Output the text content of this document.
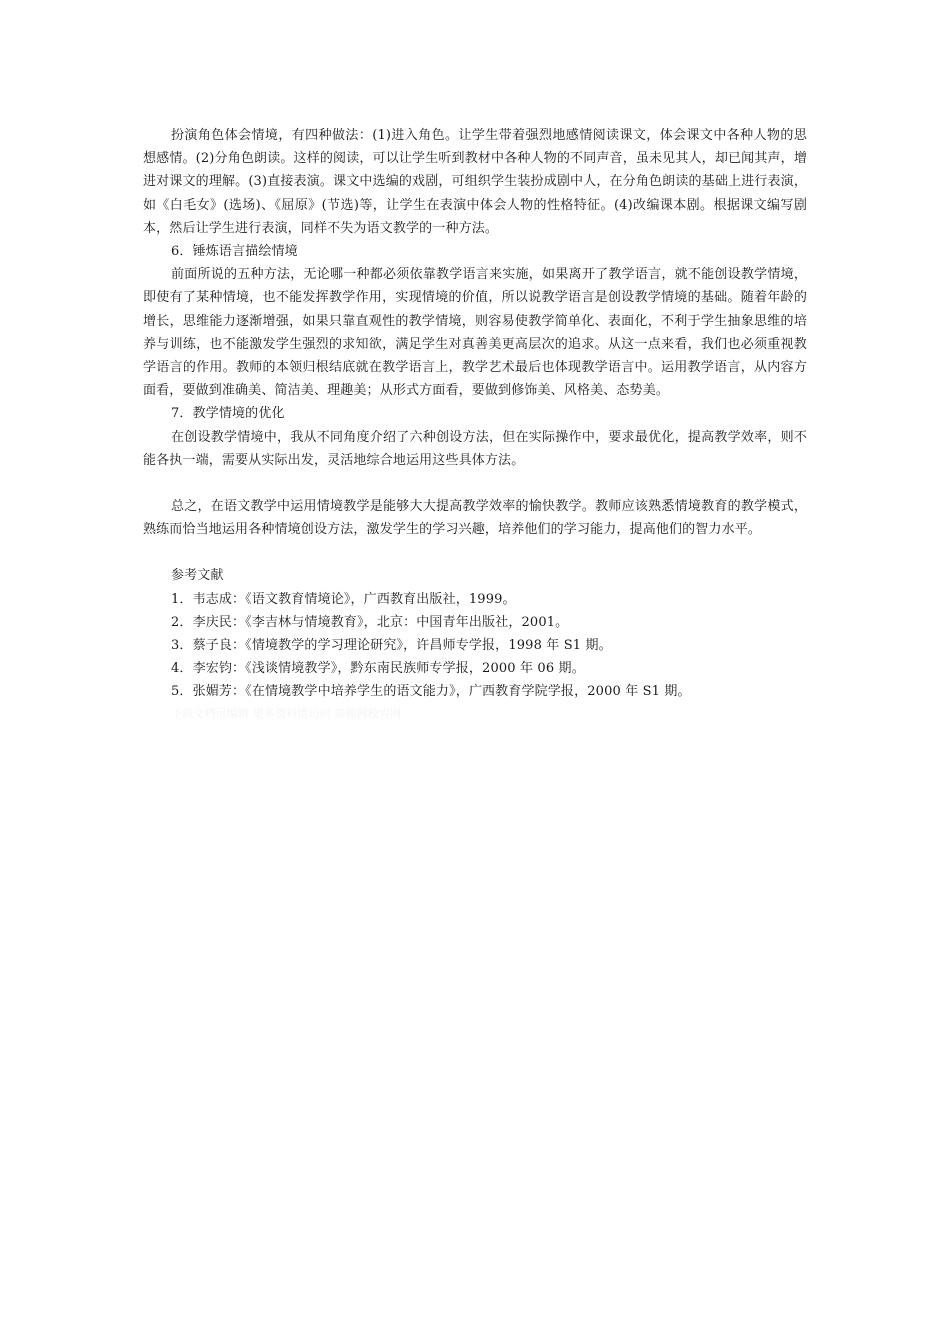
扮演角色体会情境，有四种做法：(1)进入角色。让学生带着强烈地感情阅读课文，体会课文中各种人物的思想感情。(2)分角色朗读。这样的阅读，可以让学生听到教材中各种人物的不同声音，虽未见其人，却已闻其声，增进对课文的理解。(3)直接表演。课文中选编的戏剧，可组织学生装扮成剧中人，在分角色朗读的基础上进行表演，如《白毛女》(选场)、《屈原》(节选)等，让学生在表演中体会人物的性格特征。(4)改编课本剧。根据课文编写剧本，然后让学生进行表演，同样不失为语文教学的一种方法。

6．锤炼语言描绘情境

前面所说的五种方法，无论哪一种都必须依靠教学语言来实施，如果离开了教学语言，就不能创设教学情境，即使有了某种情境，也不能发挥教学作用，实现情境的价值，所以说教学语言是创设教学情境的基础。随着年龄的增长，思维能力逐渐增强，如果只靠直观性的教学情境，则容易使教学简单化、表面化，不利于学生抽象思维的培养与训练，也不能激发学生强烈的求知欲，满足学生对真善美更高层次的追求。从这一点来看，我们也必须重视教学语言的作用。教师的本领归根结底就在教学语言上，教学艺术最后也体现教学语言中。运用教学语言，从内容方面看，要做到准确美、简洁美、理趣美；从形式方面看，要做到修饰美、风格美、态势美。

7．教学情境的优化

在创设教学情境中，我从不同角度介绍了六种创设方法，但在实际操作中，要求最优化，提高教学效率，则不能各执一端，需要从实际出发，灵活地综合地运用这些具体方法。

总之，在语文教学中运用情境教学是能够大大提高教学效率的愉快教学。教师应该熟悉情境教育的教学模式，熟练而恰当地运用各种情境创设方法，激发学生的学习兴趣，培养他们的学习能力，提高他们的智力水平。

参考文献

1．韦志成：《语文教育情境论》，广西教育出版社，1999。
2．李庆民：《李吉林与情境教育》，北京：中国青年出版社，2001。
3．蔡子良：《情境教学的学习理论研究》，许昌师专学报，1998 年 S1 期。
4．李宏钧：《浅谈情境教学》，黔东南民族师专学报，2000 年 06 期。
5．张媚芳：《在情境教学中培养学生的语文能力》，广西教育学院学报，2000 年 S1 期。

下载文档可编辑 更多资料请访问 高顿网校官网
